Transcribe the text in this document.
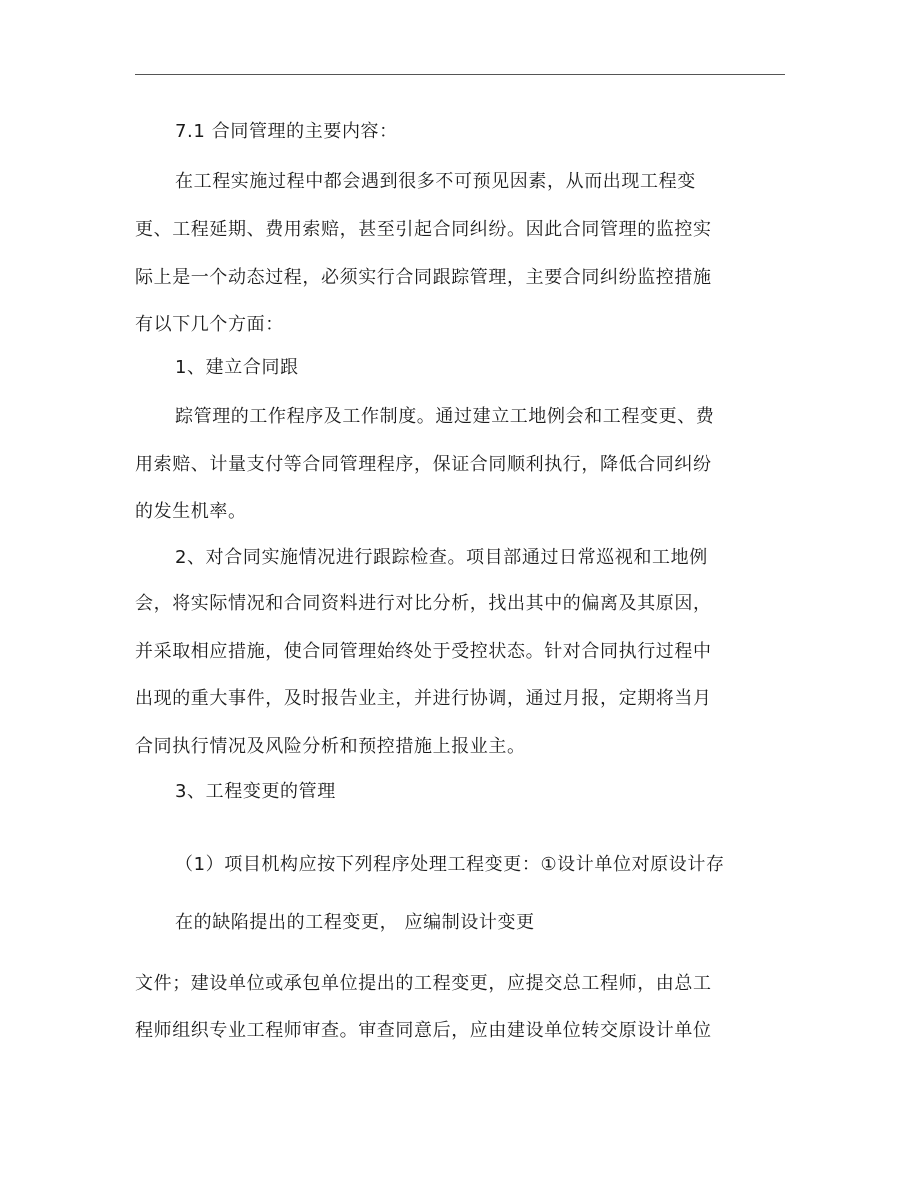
7.1 合同管理的主要内容：
在工程实施过程中都会遇到很多不可预见因素，从而出现工程变
更、工程延期、费用索赔，甚至引起合同纠纷。因此合同管理的监控实
际上是一个动态过程，必须实行合同跟踪管理，主要合同纠纷监控措施
有以下几个方面：
1、建立合同跟
踪管理的工作程序及工作制度。通过建立工地例会和工程变更、费
用索赔、计量支付等合同管理程序，保证合同顺利执行，降低合同纠纷
的发生机率。
2、对合同实施情况进行跟踪检查。项目部通过日常巡视和工地例
会，将实际情况和合同资料进行对比分析，找出其中的偏离及其原因，
并采取相应措施，使合同管理始终处于受控状态。针对合同执行过程中
出现的重大事件，及时报告业主，并进行协调，通过月报，定期将当月
合同执行情况及风险分析和预控措施上报业主。
3、工程变更的管理
（1）项目机构应按下列程序处理工程变更：①设计单位对原设计存
在的缺陷提出的工程变更， 应编制设计变更
文件；建设单位或承包单位提出的工程变更，应提交总工程师，由总工
程师组织专业工程师审查。审查同意后，应由建设单位转交原设计单位
